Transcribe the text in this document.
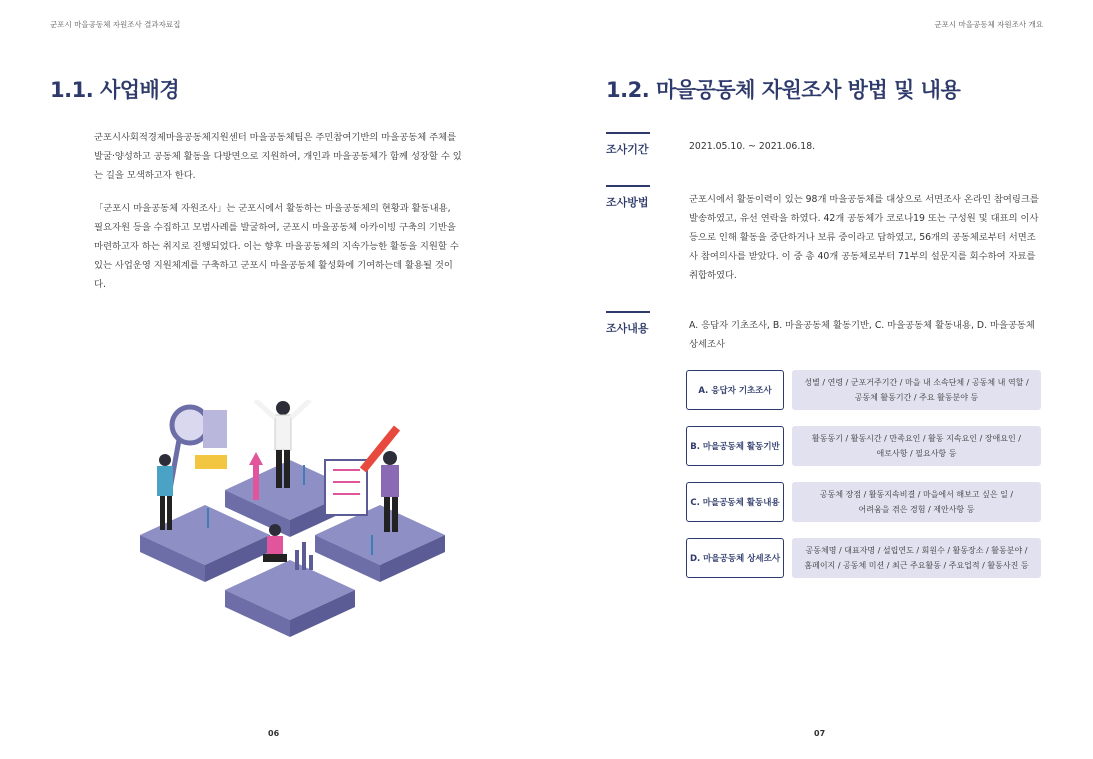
군포시 마을공동체 자원조사 결과자료집	군포시 마을공동체 자원조사 개요
1.1. 사업배경
군포시사회적경제마을공동체지원센터 마을공동체팀은 주민참여기반의 마을공동체 주체를 발굴·양성하고 공동체 활동을 다방면으로 지원하여, 개인과 마을공동체가 함께 성장할 수 있는 길을 모색하고자 한다.
「군포시 마을공동체 자원조사」는 군포시에서 활동하는 마을공동체의 현황과 활동내용, 필요자원 등을 수집하고 모범사례를 발굴하여, 군포시 마을공동체 아카이빙 구축의 기반을 마련하고자 하는 취지로 진행되었다. 이는 향후 마을공동체의 지속가능한 활동을 지원할 수 있는 사업운영 지원체계를 구축하고 군포시 마을공동체 활성화에 기여하는데 활용될 것이다.
06
1.2. 마을공동체 자원조사 방법 및 내용
조사기간	2021.05.10. ~ 2021.06.18.
조사방법	군포시에서 활동이력이 있는 98개 마을공동체를 대상으로 서면조사 온라인 참여링크를 발송하였고, 유선 연락을 하였다. 42개 공동체가 코로나19 또는 구성원 및 대표의 이사 등으로 인해 활동을 중단하거나 보류 중이라고 답하였고, 56개의 공동체로부터 서면조사 참여의사를 받았다. 이 중 총 40개 공동체로부터 71부의 설문지를 회수하여 자료를 취합하였다.
조사내용	A. 응답자 기초조사, B. 마을공동체 활동기반, C. 마을공동체 활동내용, D. 마을공동체 상세조사
A. 응답자 기초조사
성별 / 연령 / 군포거주기간 / 마을 내 소속단체 / 공동체 내 역할 /
공동체 활동기간 / 주요 활동분야 등
B. 마을공동체 활동기반
활동동기 / 활동시간 / 만족요인 / 활동 지속요인 / 장애요인 /
애로사항 / 필요사항 등
C. 마을공동체 활동내용
공동체 장점 / 활동지속비결 / 마을에서 해보고 싶은 일 /
어려움을 겪은 경험 / 제안사항 등
D. 마을공동체 상세조사
공동체명 / 대표자명 / 설립연도 / 회원수 / 활동장소 / 활동분야 /
홈페이지 / 공동체 미션 / 최근 주요활동 / 주요업적 / 활동사진 등
07
